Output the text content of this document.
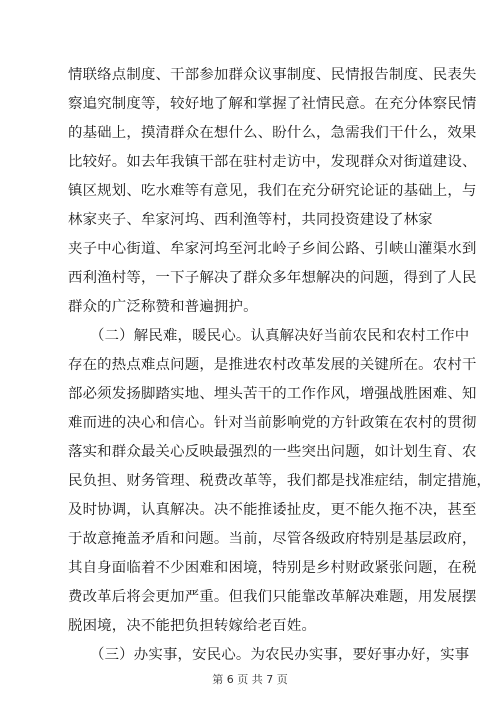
情联络点制度、干部参加群众议事制度、民情报告制度、民表失
察追究制度等，较好地了解和掌握了社情民意。在充分体察民情
的基础上，摸清群众在想什么、盼什么，急需我们干什么，效果
比较好。如去年我镇干部在驻村走访中，发现群众对街道建设、
镇区规划、吃水难等有意见，我们在充分研究论证的基础上，与
林家夹子、牟家河坞、西利渔等村，共同投资建设了林家
夹子中心街道、牟家河坞至河北岭子乡间公路、引峡山灌渠水到
西利渔村等，一下子解决了群众多年想解决的问题，得到了人民
群众的广泛称赞和普遍拥护。
（二）解民难，暖民心。认真解决好当前农民和农村工作中
存在的热点难点问题，是推进农村改革发展的关键所在。农村干
部必须发扬脚踏实地、埋头苦干的工作作风，增强战胜困难、知
难而进的决心和信心。针对当前影响党的方针政策在农村的贯彻
落实和群众最关心反映最强烈的一些突出问题，如计划生育、农
民负担、财务管理、税费改革等，我们都是找准症结，制定措施，
及时协调，认真解决。决不能推诿扯皮，更不能久拖不决，甚至
于故意掩盖矛盾和问题。当前，尽管各级政府特别是基层政府，
其自身面临着不少困难和困境，特别是乡村财政紧张问题，在税
费改革后将会更加严重。但我们只能靠改革解决难题，用发展摆
脱困境，决不能把负担转嫁给老百姓。
（三）办实事，安民心。为农民办实事，要好事办好，实事
第 6 页 共 7 页
